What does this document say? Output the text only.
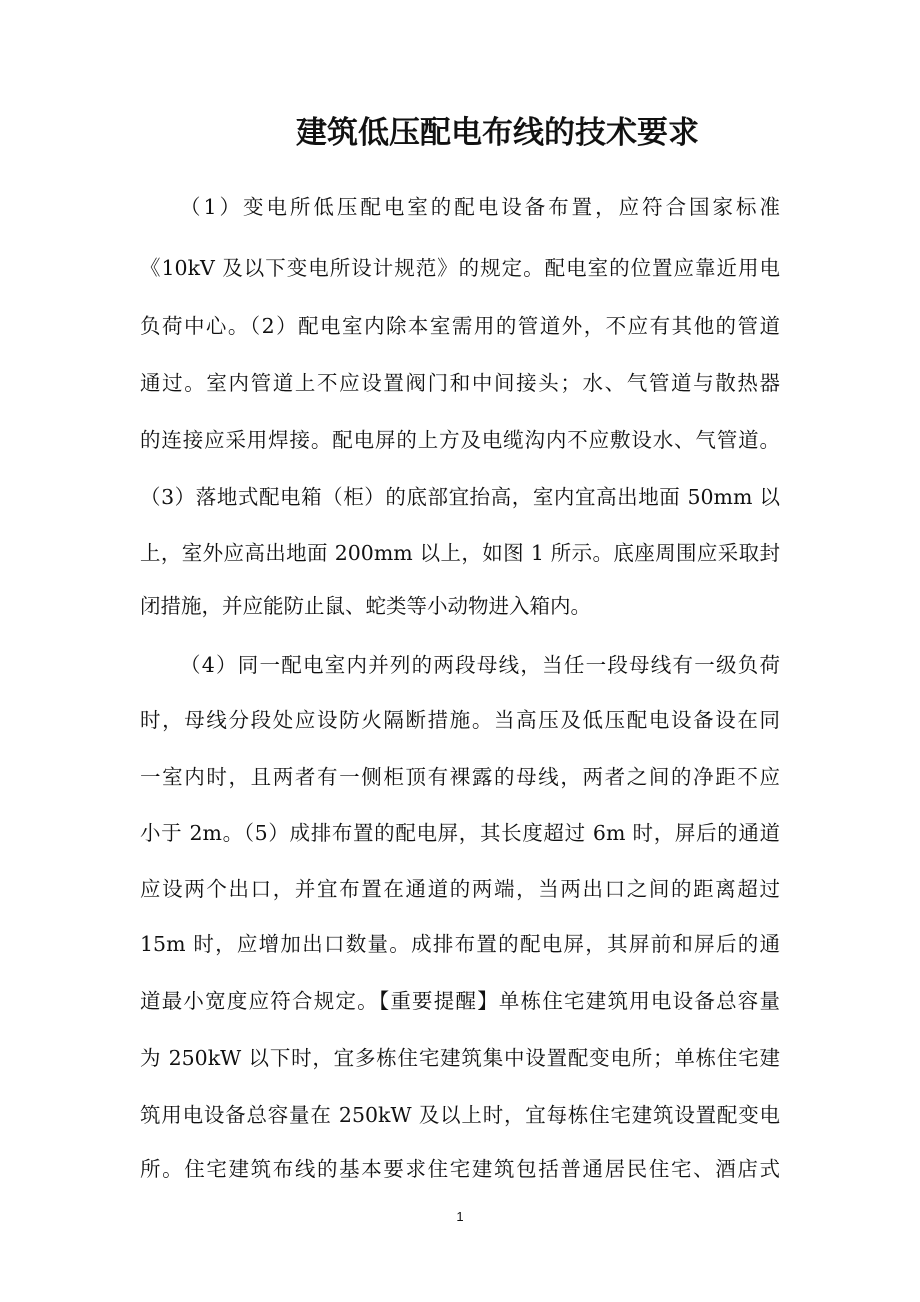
建筑低压配电布线的技术要求
（1）变电所低压配电室的配电设备布置，应符合国家标准
《10kV 及以下变电所设计规范》的规定。配电室的位置应靠近用电
负荷中心。（2）配电室内除本室需用的管道外，不应有其他的管道
通过。室内管道上不应设置阀门和中间接头；水、气管道与散热器
的连接应采用焊接。配电屏的上方及电缆沟内不应敷设水、气管道。
（3）落地式配电箱（柜）的底部宜抬高，室内宜高出地面 50mm 以
上，室外应高出地面 200mm 以上，如图 1 所示。底座周围应采取封
闭措施，并应能防止鼠、蛇类等小动物进入箱内。
（4）同一配电室内并列的两段母线，当任一段母线有一级负荷
时，母线分段处应设防火隔断措施。当高压及低压配电设备设在同
一室内时，且两者有一侧柜顶有裸露的母线，两者之间的净距不应
小于 2m。（5）成排布置的配电屏，其长度超过 6m 时，屏后的通道
应设两个出口，并宜布置在通道的两端，当两出口之间的距离超过
15m 时，应增加出口数量。成排布置的配电屏，其屏前和屏后的通
道最小宽度应符合规定。【重要提醒】单栋住宅建筑用电设备总容量
为 250kW 以下时，宜多栋住宅建筑集中设置配变电所；单栋住宅建
筑用电设备总容量在 250kW 及以上时，宜每栋住宅建筑设置配变电
所。住宅建筑布线的基本要求住宅建筑包括普通居民住宅、酒店式
1
